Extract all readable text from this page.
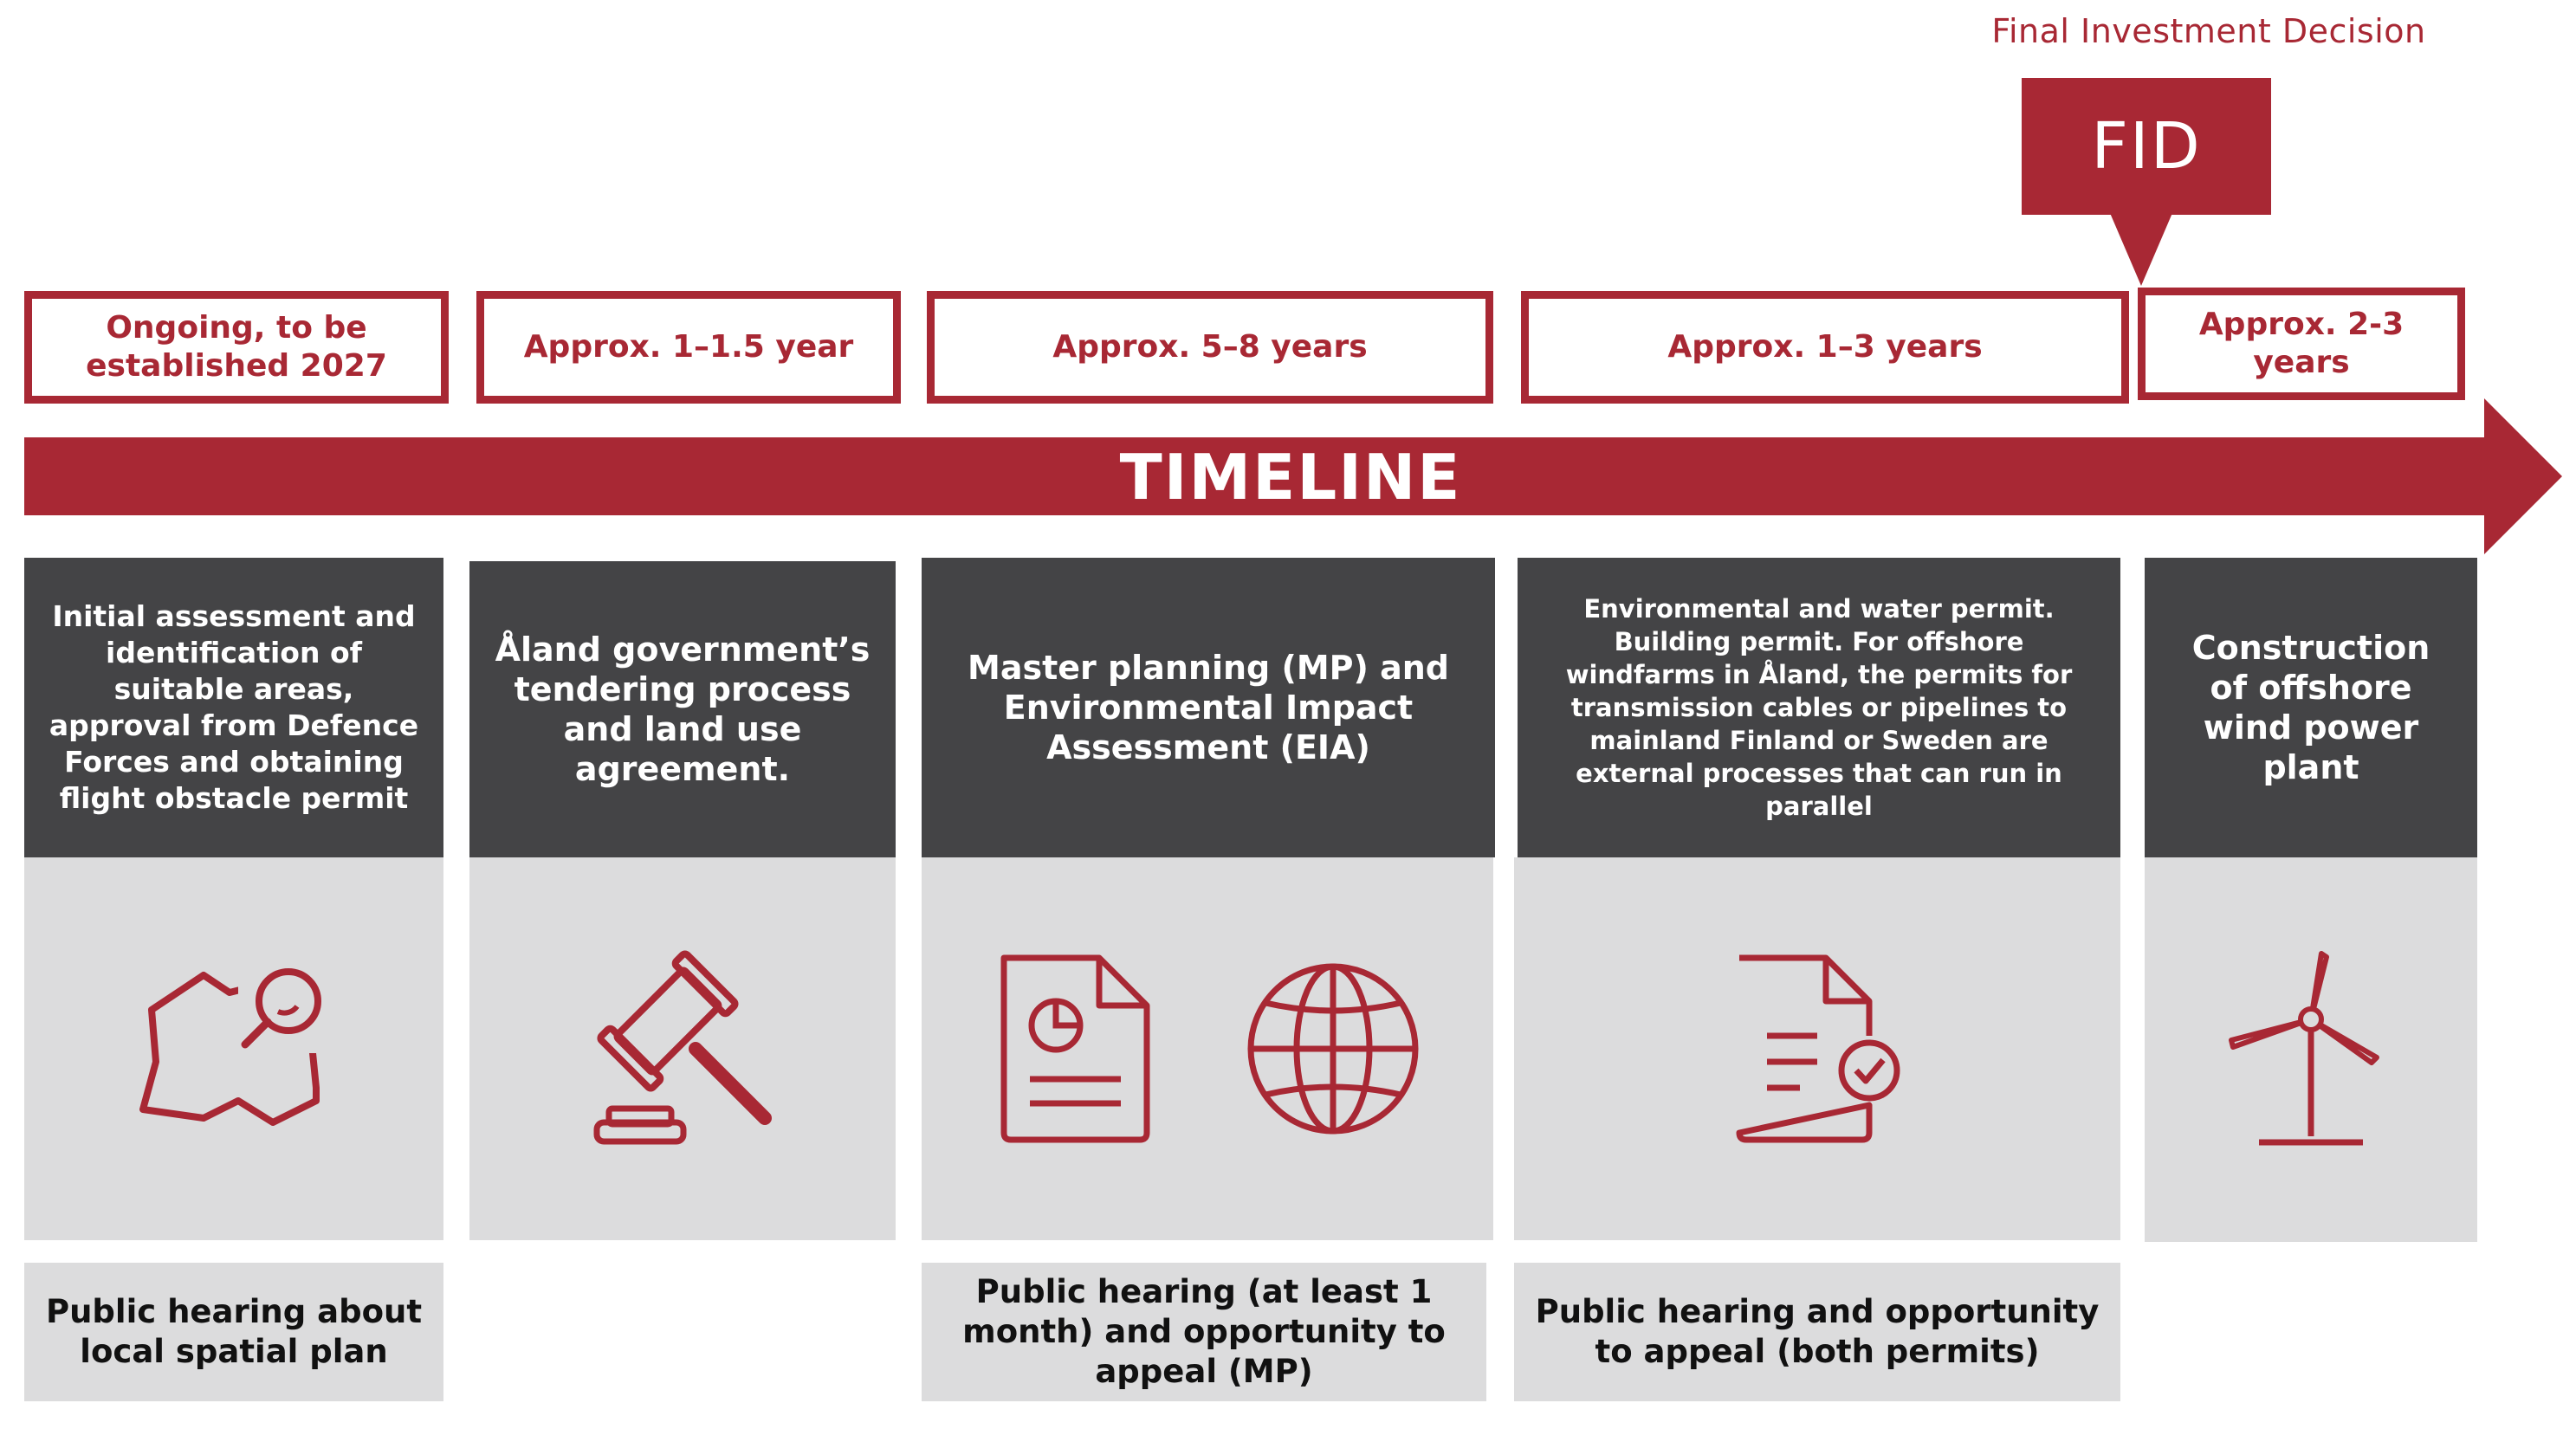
Final Investment Decision
FID
Ongoing, to be established 2027
Approx. 1–1.5 year	Approx. 5–8 years	Approx. 1–3 years
Approx. 2-3 years
TIMELINE
Initial assessment and identification of suitable areas, approval from Defence Forces and obtaining flight obstacle permit
Public hearing about local spatial plan
Åland government’s tendering process and land use agreement.
Master planning (MP) and Environmental Impact Assessment (EIA)
Public hearing (at least 1 month) and opportunity to appeal (MP)
Environmental and water permit. Building permit. For offshore windfarms in Åland, the permits for transmission cables or pipelines to mainland Finland or Sweden are external processes that can run in parallel
Public hearing and opportunity to appeal (both permits)
Construction of offshore wind power plant
